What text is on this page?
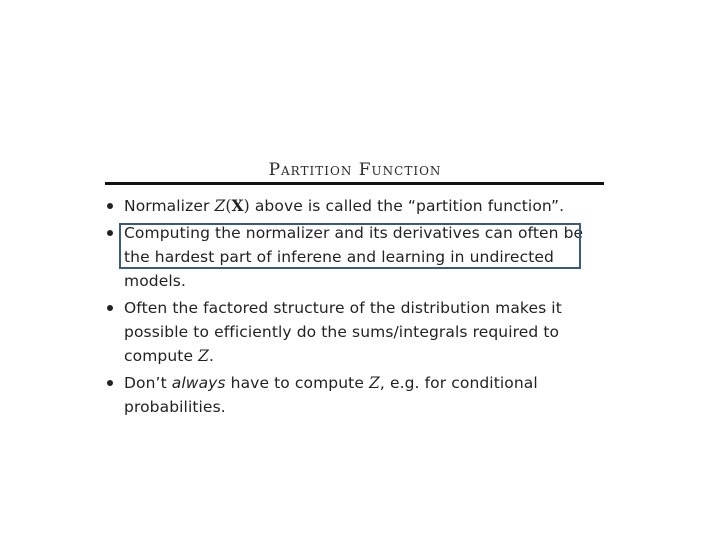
Partition Function
Normalizer Z(X) above is called the “partition function”.
Computing the normalizer and its derivatives can often be the hardest part of inferene and learning in undirected models.
Often the factored structure of the distribution makes it possible to efficiently do the sums/integrals required to compute Z.
Don’t always have to compute Z, e.g. for conditional probabilities.
